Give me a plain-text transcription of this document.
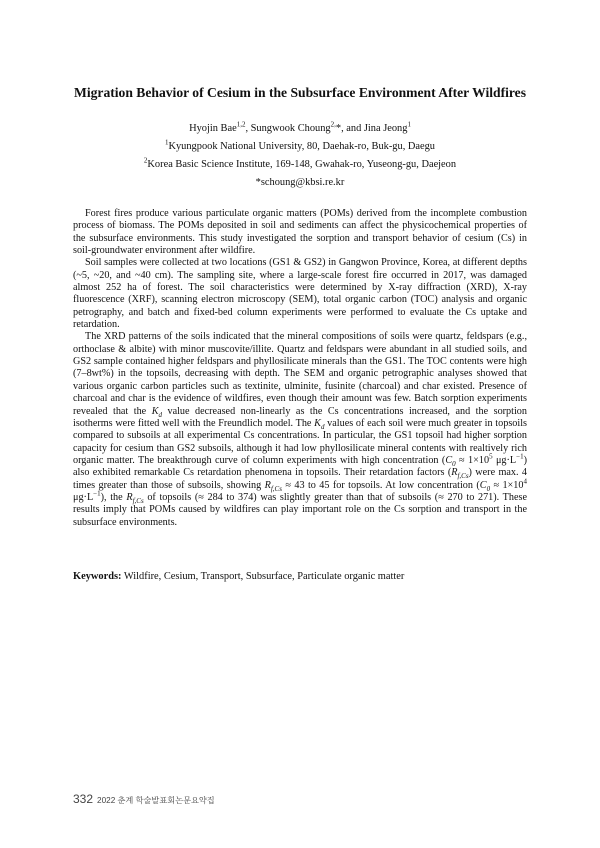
Migration Behavior of Cesium in the Subsurface Environment After Wildfires
Hyojin Bae$^{1,2}$, Sungwook Choung$^{2,}$*, and Jina Jeong$^1$
$^1$Kyungpook National University, 80, Daehak-ro, Buk-gu, Daegu
$^2$Korea Basic Science Institute, 169-148, Gwahak-ro, Yuseong-gu, Daejeon
*schoung@kbsi.re.kr

Forest fires produce various particulate organic matters (POMs) derived from the incomplete combustion process of biomass. The POMs deposited in soil and sediments can affect the physicochemical properties of the subsurface environments. This study investigated the sorption and transport behavior of cesium (Cs) in soil-groundwater environment after wildfire.

Soil samples were collected at two locations (GS1 & GS2) in Gangwon Province, Korea, at different depths (~5, ~20, and ~40 cm). The sampling site, where a large-scale forest fire occurred in 2017, was damaged almost 252 ha of forest. The soil characteristics were determined by X-ray diffraction (XRD), X-ray fluorescence (XRF), scanning electron microscopy (SEM), total organic carbon (TOC) analysis and organic petrography, and batch and fixed-bed column experiments were performed to evaluate the Cs uptake and retardation.

The XRD patterns of the soils indicated that the mineral compositions of soils were quartz, feldspars (e.g., orthoclase & albite) with minor muscovite/illite. Quartz and feldspars were abundant in all studied soils, and GS2 sample contained higher feldspars and phyllosilicate minerals than the GS1. The TOC contents were high (7–8wt%) in the topsoils, decreasing with depth. The SEM and organic petrographic analyses showed that various organic carbon particles such as textinite, ulminite, fusinite (charcoal) and char existed. Presence of charcoal and char is the evidence of wildfires, even though their amount was few. Batch sorption experiments revealed that the $K_d$ value decreased non-linearly as the Cs concentrations increased, and the sorption isotherms were fitted well with the Freundlich model. The $K_d$ values of each soil were much greater in topsoils compared to subsoils at all experimental Cs concentrations. In particular, the GS1 topsoil had higher sorption capacity for cesium than GS2 subsoils, although it had low phyllosilicate mineral contents with realtively rich organic matter. The breakthrough curve of column experiments with high concentration ($C_0 \approx 1\times 10^5$ $\mu g\cdot L^{-1}$) also exhibited remarkable Cs retardation phenomena in topsoils. Their retardation factors $(R_{f,Cs})$ were max. 4 times greater than those of subsoils, showing $R_{f,Cs} \approx 43$ to 45 for topsoils. At low concentration ($C_0 \approx 1\times 10^4$ $\mu g\cdot L^{-1}$), the $R_{f,Cs}$ of topsoils (≈ 284 to 374) was slightly greater than that of subsoils (≈ 270 to 271). These results imply that POMs caused by wildfires can play important role on the Cs sorption and transport in the subsurface environments.

Keywords: Wildfire, Cesium, Transport, Subsurface, Particulate organic matter
332 2022 춘계 학술발표회논문요약집
